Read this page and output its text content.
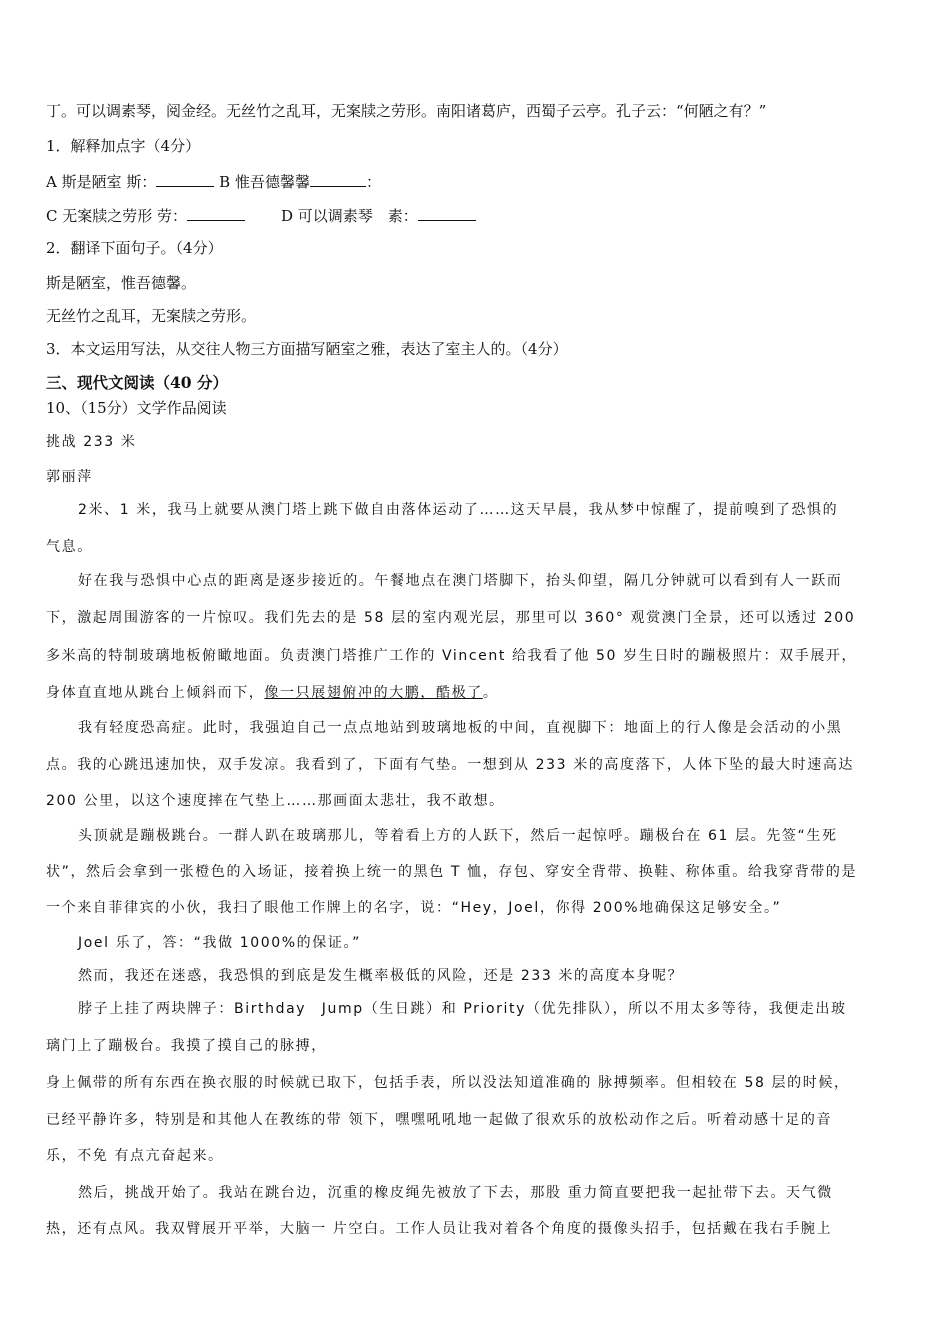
丁。可以调素琴，阅金经。无丝竹之乱耳，无案牍之劳形。南阳诸葛庐，西蜀子云亭。孔子云：“何陋之有？”
1．解释加点字（4分）
A 斯是陋室 斯：	B 惟吾德馨馨	：
C 无案牍之劳形 劳：	D 可以调素琴　素：
2．翻译下面句子。（4分）
斯是陋室，惟吾德馨。
无丝竹之乱耳，无案牍之劳形。
3．本文运用写法，从交往人物三方面描写陋室之雅，表达了室主人的。（4分）
三、现代文阅读（40 分）
10、（15分）文学作品阅读
挑战 233 米
郭丽萍
2米、1 米，我马上就要从澳门塔上跳下做自由落体运动了……这天早晨，我从梦中惊醒了，提前嗅到了恐惧的
气息。
好在我与恐惧中心点的距离是逐步接近的。午餐地点在澳门塔脚下，抬头仰望，隔几分钟就可以看到有人一跃而
下，激起周围游客的一片惊叹。我们先去的是 58 层的室内观光层，那里可以 360° 观赏澳门全景，还可以透过 200
多米高的特制玻璃地板俯瞰地面。负责澳门塔推广工作的 Vincent 给我看了他 50 岁生日时的蹦极照片：双手展开，
身体直直地从跳台上倾斜而下，像一只展翅俯冲的大鹏，酷极了。
我有轻度恐高症。此时，我强迫自己一点点地站到玻璃地板的中间，直视脚下：地面上的行人像是会活动的小黑
点。我的心跳迅速加快，双手发凉。我看到了，下面有气垫。一想到从 233 米的高度落下，人体下坠的最大时速高达
200 公里，以这个速度摔在气垫上……那画面太悲壮，我不敢想。
头顶就是蹦极跳台。一群人趴在玻璃那儿，等着看上方的人跃下，然后一起惊呼。蹦极台在 61 层。先签“生死
状”，然后会拿到一张橙色的入场证，接着换上统一的黑色 T 恤，存包、穿安全背带、换鞋、称体重。给我穿背带的是
一个来自菲律宾的小伙，我扫了眼他工作牌上的名字，说：“Hey，Joel，你得 200%地确保这足够安全。”
Joel 乐了，答：“我做 1000%的保证。”
然而，我还在迷惑，我恐惧的到底是发生概率极低的风险，还是 233 米的高度本身呢？
脖子上挂了两块牌子：Birthday　Jump（生日跳）和 Priority（优先排队），所以不用太多等待，我便走出玻
璃门上了蹦极台。我摸了摸自己的脉搏，
身上佩带的所有东西在换衣服的时候就已取下，包括手表，所以没法知道准确的 脉搏频率。但相较在 58 层的时候，
已经平静许多，特别是和其他人在教练的带 领下，嘿嘿吼吼地一起做了很欢乐的放松动作之后。听着动感十足的音
乐，不免 有点亢奋起来。
然后，挑战开始了。我站在跳台边，沉重的橡皮绳先被放了下去，那股 重力简直要把我一起扯带下去。天气微
热，还有点风。我双臂展开平举，大脑一 片空白。工作人员让我对着各个角度的摄像头招手，包括戴在我右手腕上
